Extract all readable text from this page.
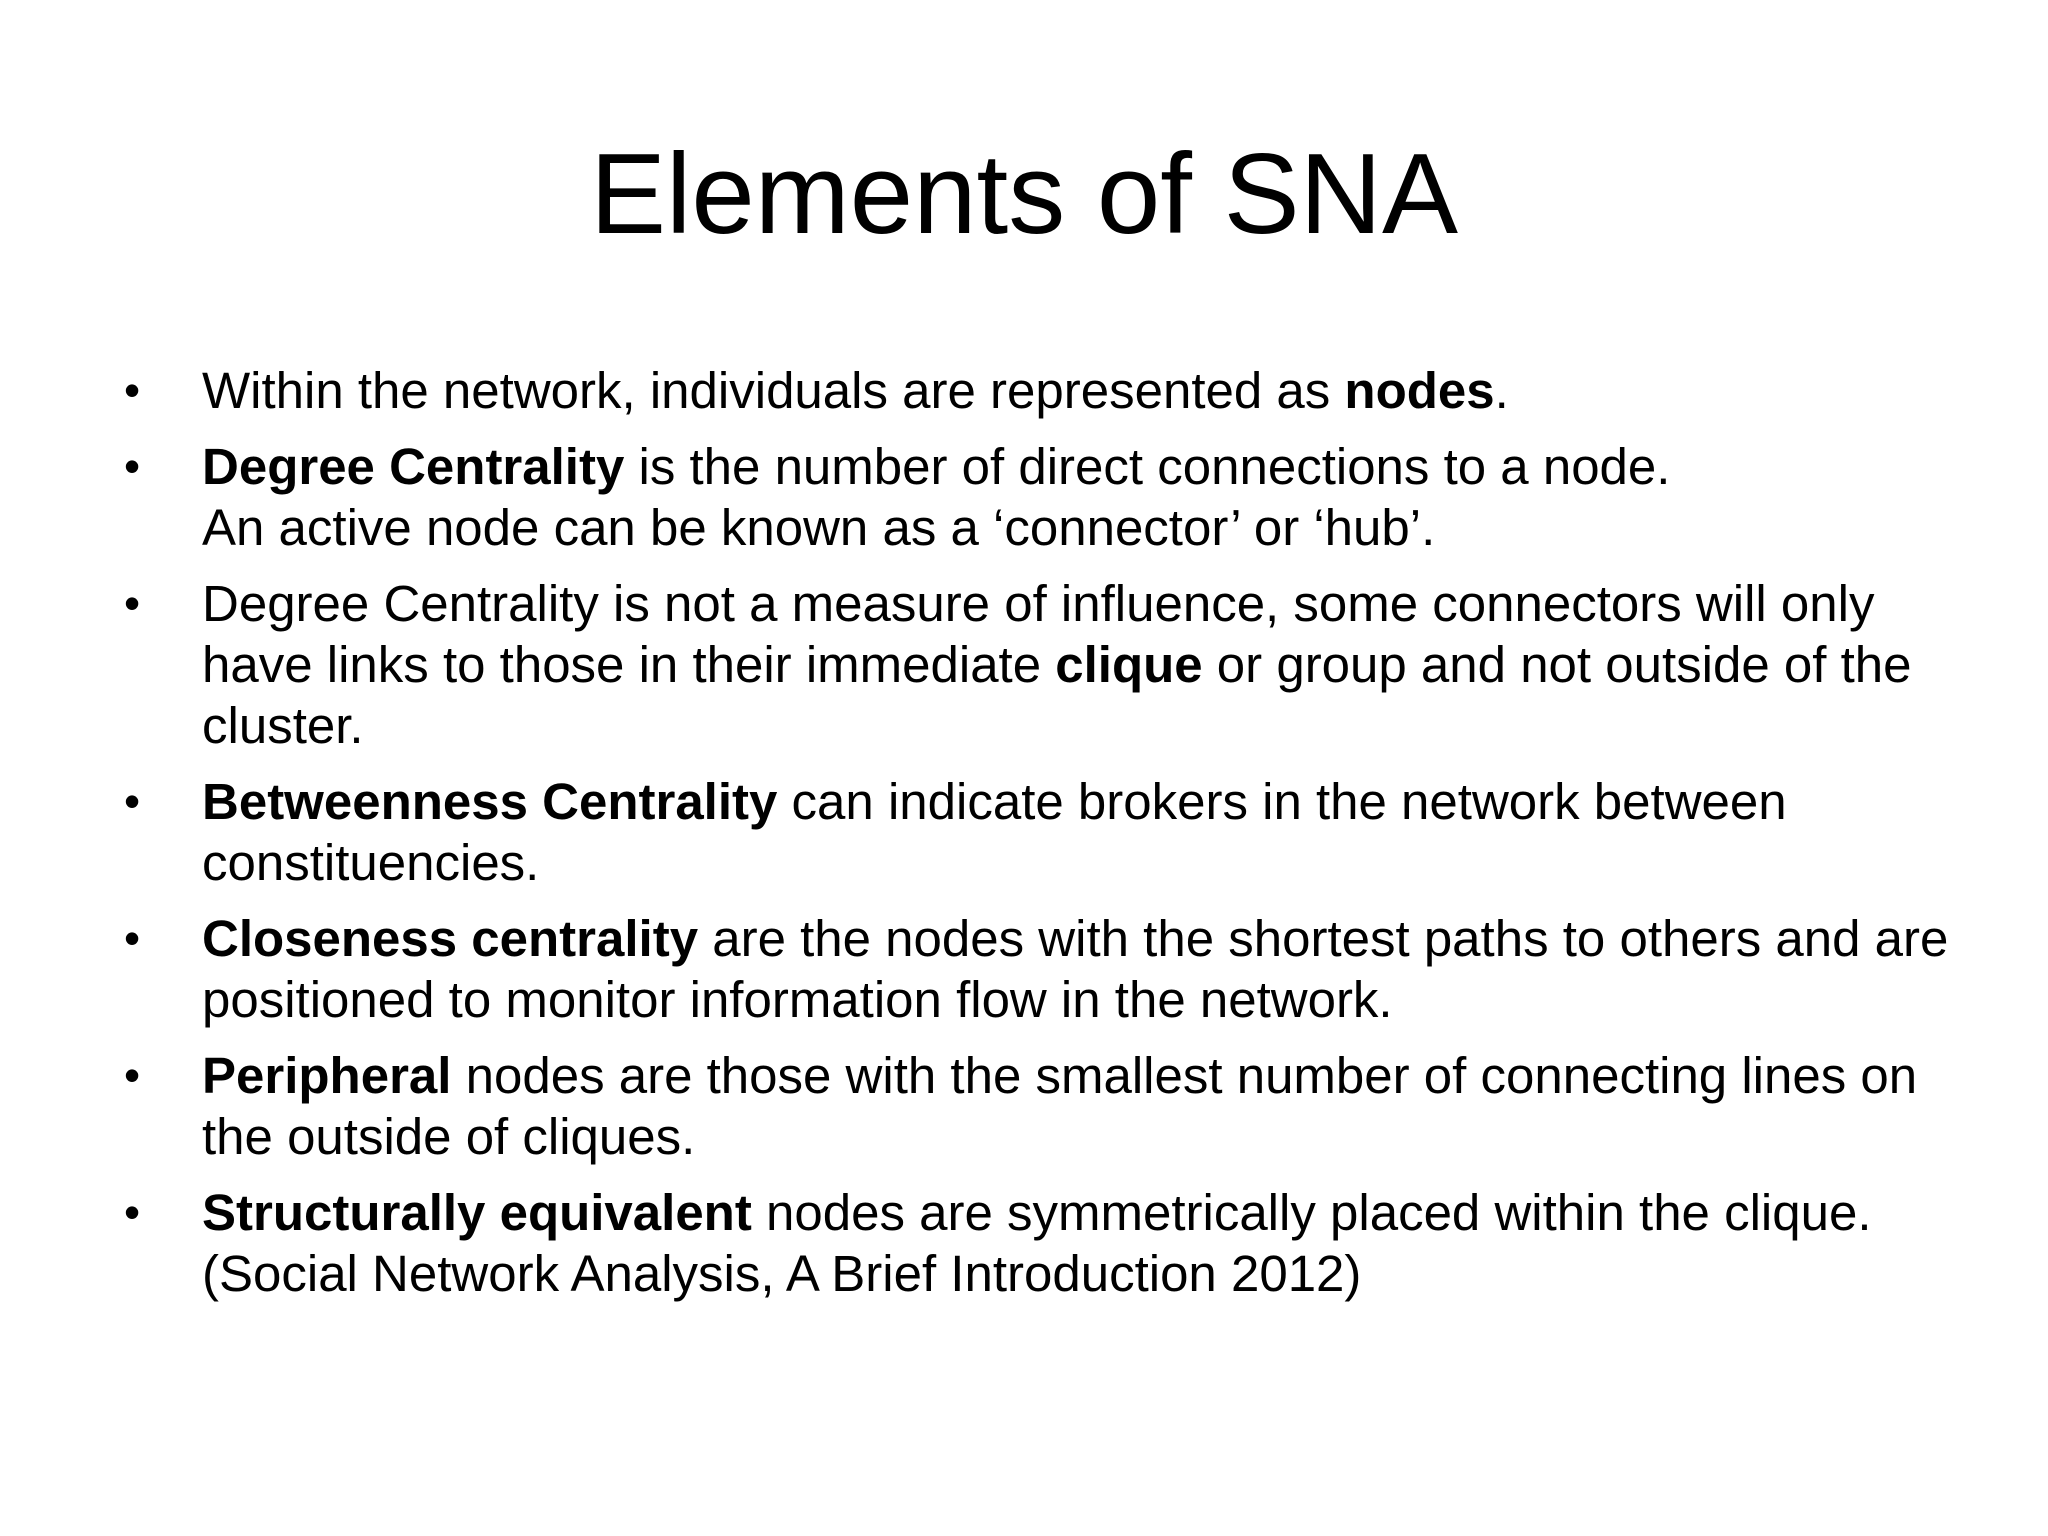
Elements of SNA
• Within the network, individuals are represented as nodes.
• Degree Centrality is the number of direct connections to a node.
An active node can be known as a ‘connector’ or ‘hub’.
• Degree Centrality is not a measure of influence, some connectors will only have links to those in their immediate clique or group and not outside of the cluster.
• Betweenness Centrality can indicate brokers in the network between constituencies.
• Closeness centrality are the nodes with the shortest paths to others and are positioned to monitor information flow in the network.
• Peripheral nodes are those with the smallest number of connecting lines on the outside of cliques.
• Structurally equivalent nodes are symmetrically placed within the clique. (Social Network Analysis, A Brief Introduction 2012)
